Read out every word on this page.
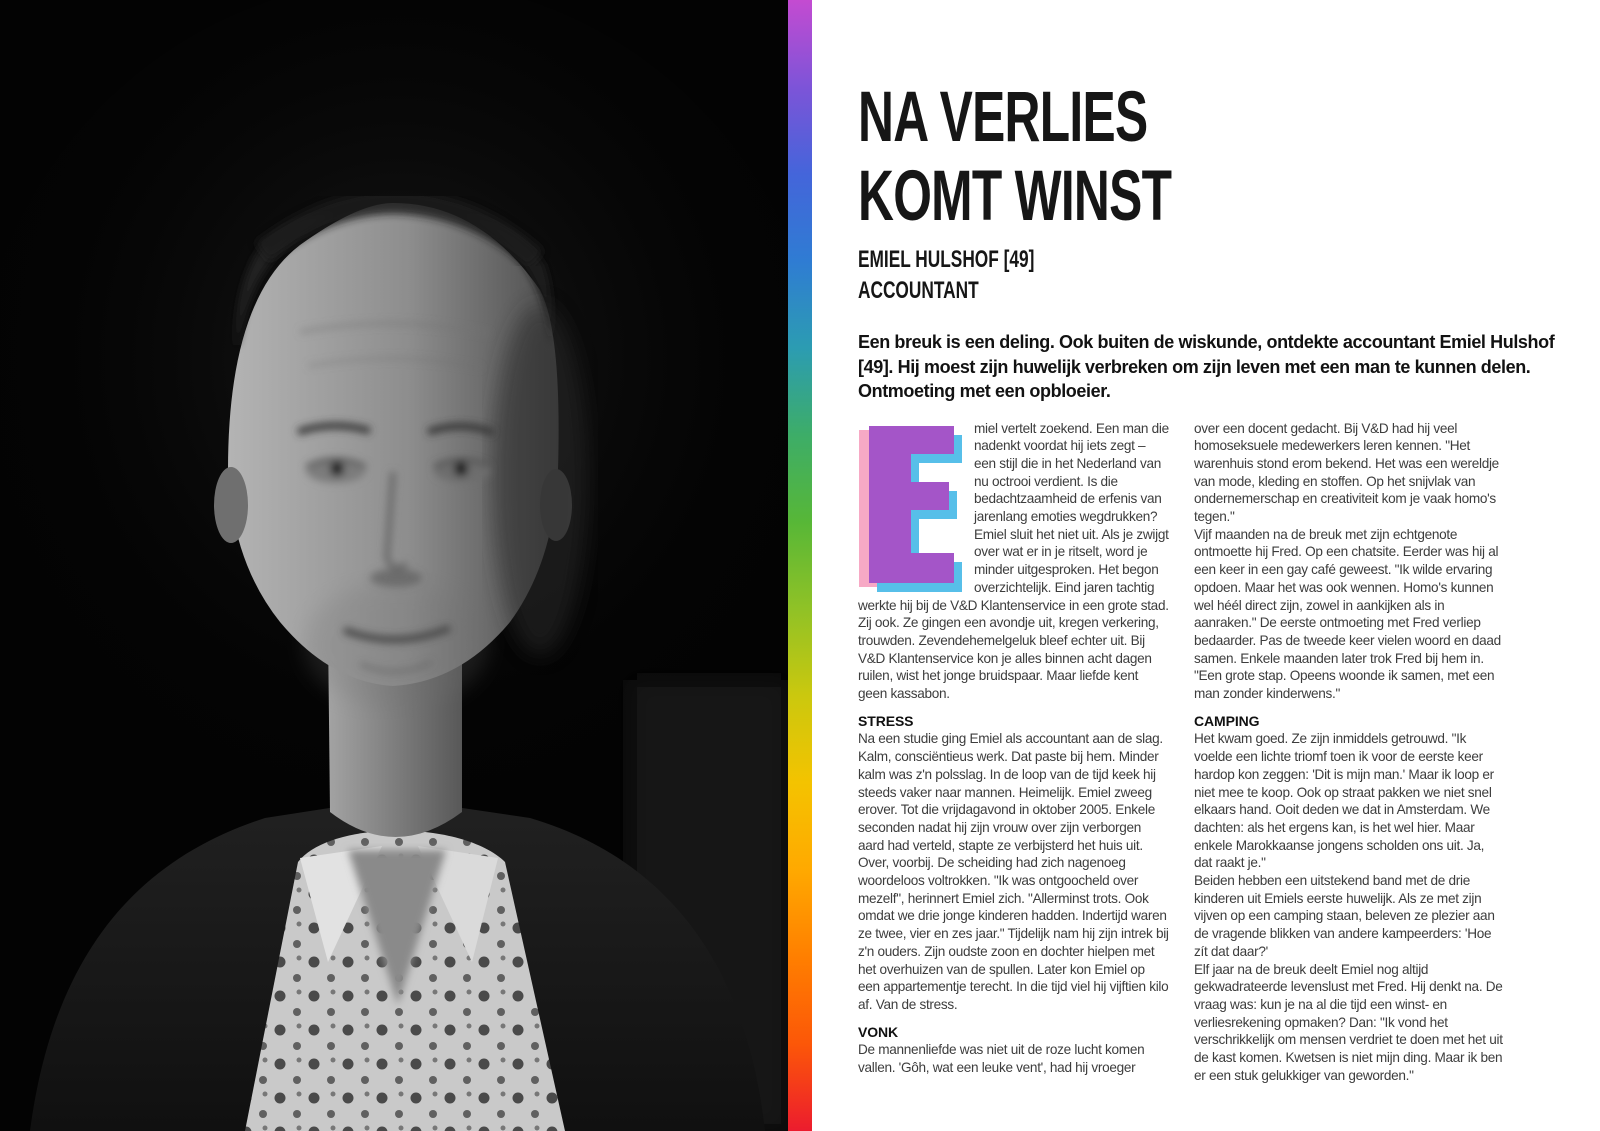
NA VERLIES
KOMT WINST
EMIEL HULSHOF [49]
ACCOUNTANT

Een breuk is een deling. Ook buiten de wiskunde, ontdekte accountant Emiel Hulshof [49]. Hij moest zijn huwelijk verbreken om zijn leven met een man te kunnen delen. Ontmoeting met een opbloeier.

miel vertelt zoekend. Een man die nadenkt voordat hij iets zegt – een stijl die in het Nederland van nu octrooi verdient. Is die bedachtzaamheid de erfenis van jarenlang emoties wegdrukken? Emiel sluit het niet uit. Als je zwijgt over wat er in je ritselt, word je minder uitgesproken. Het begon overzichtelijk. Eind jaren tachtig werkte hij bij de V&D Klantenservice in een grote stad. Zij ook. Ze gingen een avondje uit, kregen verkering, trouwden. Zevendehemelgeluk bleef echter uit. Bij V&D Klantenservice kon je alles binnen acht dagen ruilen, wist het jonge bruidspaar. Maar liefde kent geen kassabon.

STRESS

Na een studie ging Emiel als accountant aan de slag. Kalm, consciëntieus werk. Dat paste bij hem. Minder kalm was z'n polsslag. In de loop van de tijd keek hij steeds vaker naar mannen. Heimelijk. Emiel zweeg erover. Tot die vrijdagavond in oktober 2005. Enkele seconden nadat hij zijn vrouw over zijn verborgen aard had verteld, stapte ze verbijsterd het huis uit. Over, voorbij. De scheiding had zich nagenoeg woordeloos voltrokken. "Ik was ontgoocheld over mezelf", herinnert Emiel zich. "Allerminst trots. Ook omdat we drie jonge kinderen hadden. Indertijd waren ze twee, vier en zes jaar." Tijdelijk nam hij zijn intrek bij z'n ouders. Zijn oudste zoon en dochter hielpen met het overhuizen van de spullen. Later kon Emiel op een appartementje terecht. In die tijd viel hij vijftien kilo af. Van de stress.

VONK

De mannenliefde was niet uit de roze lucht komen vallen. 'Gôh, wat een leuke vent', had hij vroeger

over een docent gedacht. Bij V&D had hij veel homoseksuele medewerkers leren kennen. "Het warenhuis stond erom bekend. Het was een wereldje van mode, kleding en stoffen. Op het snijvlak van ondernemerschap en creativiteit kom je vaak homo's tegen."

Vijf maanden na de breuk met zijn echtgenote ontmoette hij Fred. Op een chatsite. Eerder was hij al een keer in een gay café geweest. "Ik wilde ervaring opdoen. Maar het was ook wennen. Homo's kunnen wel héél direct zijn, zowel in aankijken als in aanraken." De eerste ontmoeting met Fred verliep bedaarder. Pas de tweede keer vielen woord en daad samen. Enkele maanden later trok Fred bij hem in. "Een grote stap. Opeens woonde ik samen, met een man zonder kinderwens."

CAMPING

Het kwam goed. Ze zijn inmiddels getrouwd. "Ik voelde een lichte triomf toen ik voor de eerste keer hardop kon zeggen: 'Dit is mijn man.' Maar ik loop er niet mee te koop. Ook op straat pakken we niet snel elkaars hand. Ooit deden we dat in Amsterdam. We dachten: als het ergens kan, is het wel hier. Maar enkele Marokkaanse jongens scholden ons uit. Ja, dat raakt je."

Beiden hebben een uitstekend band met de drie kinderen uit Emiels eerste huwelijk. Als ze met zijn vijven op een camping staan, beleven ze plezier aan de vragende blikken van andere kampeerders: 'Hoe zít dat daar?'

Elf jaar na de breuk deelt Emiel nog altijd gekwadrateerde levenslust met Fred. Hij denkt na. De vraag was: kun je na al die tijd een winst- en verliesrekening opmaken? Dan: "Ik vond het verschrikkelijk om mensen verdriet te doen met het uit de kast komen. Kwetsen is niet mijn ding. Maar ik ben er een stuk gelukkiger van geworden."
